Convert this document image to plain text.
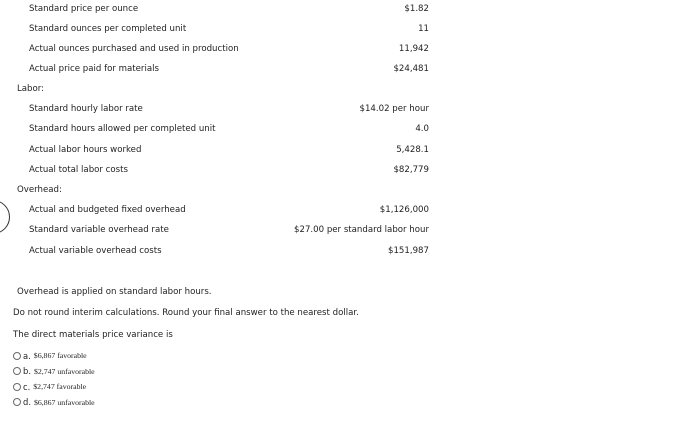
Standard price per ounce	$1.82
Standard ounces per completed unit	11
Actual ounces purchased and used in production	11,942
Actual price paid for materials	$24,481
Labor:
Standard hourly labor rate	$14.02 per hour
Standard hours allowed per completed unit	4.0
Actual labor hours worked	5,428.1
Actual total labor costs	$82,779
Overhead:
Actual and budgeted fixed overhead	$1,126,000
Standard variable overhead rate	$27.00 per standard labor hour
Actual variable overhead costs	$151,987
Overhead is applied on standard labor hours.
Do not round interim calculations. Round your final answer to the nearest dollar.
The direct materials price variance is
a. $6,867 favorable
b. $2,747 unfavorable
c. $2,747 favorable
d. $6,867 unfavorable
